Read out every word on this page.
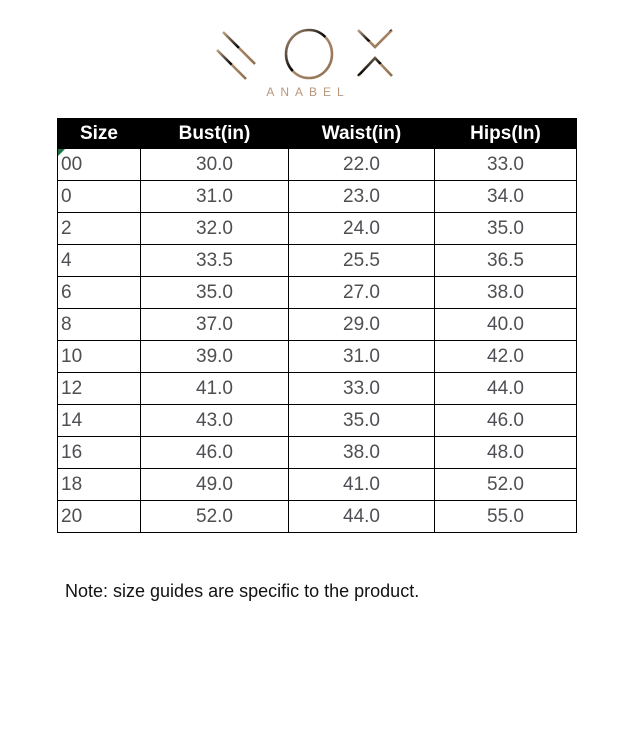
ANABEL
Size	Bust(in)	Waist(in)	Hips(In)

00	30.0	22.0	33.0
0	31.0	23.0	34.0
2	32.0	24.0	35.0
4	33.5	25.5	36.5
6	35.0	27.0	38.0
8	37.0	29.0	40.0
10	39.0	31.0	42.0
12	41.0	33.0	44.0
14	43.0	35.0	46.0
16	46.0	38.0	48.0
18	49.0	41.0	52.0
20	52.0	44.0	55.0
Note: size guides are specific to the product.
